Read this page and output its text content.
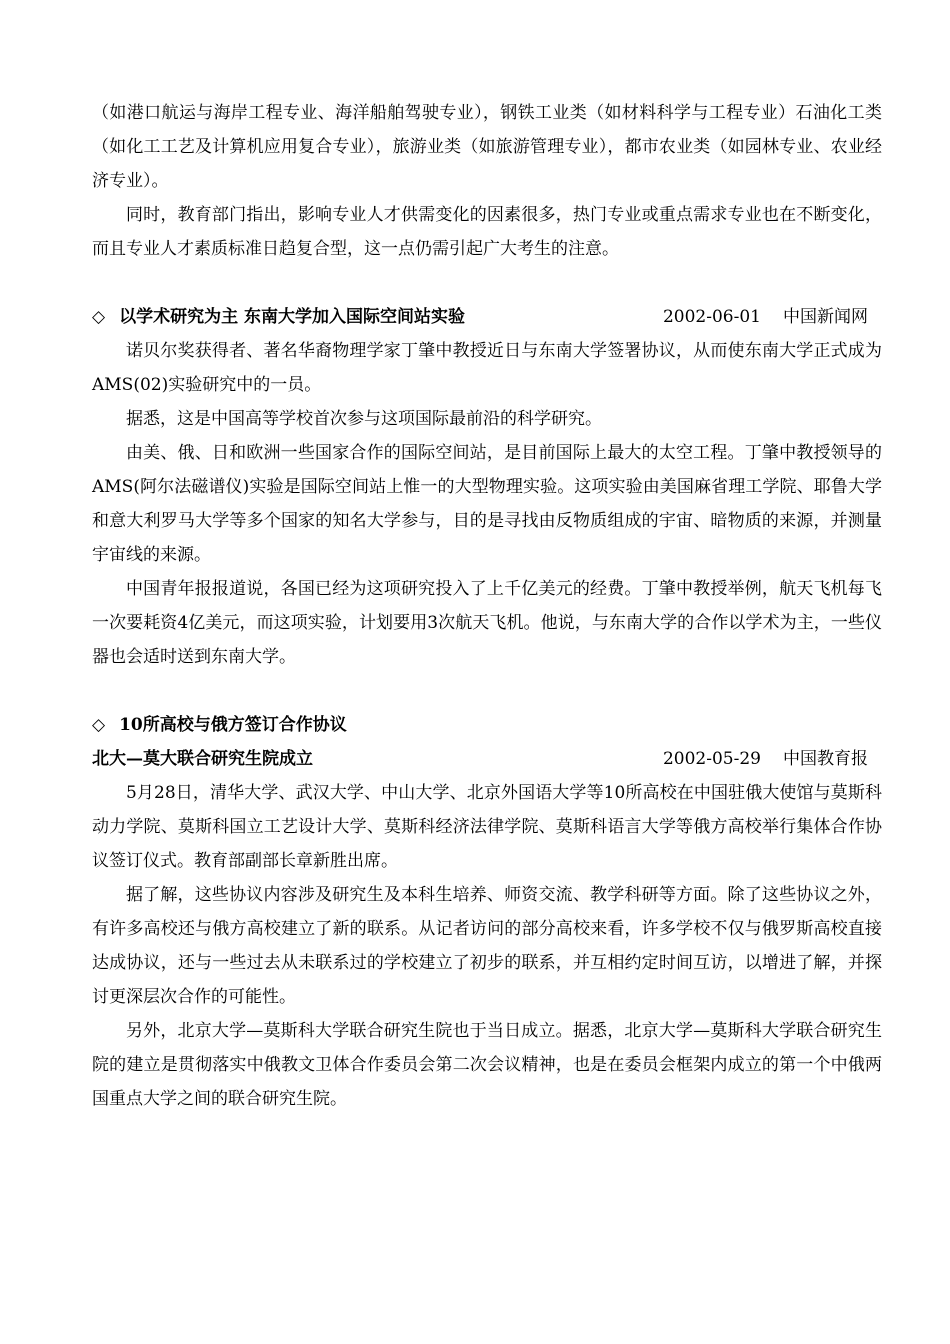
（如港口航运与海岸工程专业、海洋船舶驾驶专业），钢铁工业类（如材料科学与工程专业）石油化工类（如化工工艺及计算机应用复合专业），旅游业类（如旅游管理专业），都市农业类（如园林专业、农业经济专业）。

同时，教育部门指出，影响专业人才供需变化的因素很多，热门专业或重点需求专业也在不断变化，而且专业人才素质标准日趋复合型，这一点仍需引起广大考生的注意。

◇ 以学术研究为主 东南大学加入国际空间站实验	2002-06-01 中国新闻网

诺贝尔奖获得者、著名华裔物理学家丁肇中教授近日与东南大学签署协议，从而使东南大学正式成为AMS(02)实验研究中的一员。

据悉，这是中国高等学校首次参与这项国际最前沿的科学研究。

由美、俄、日和欧洲一些国家合作的国际空间站，是目前国际上最大的太空工程。丁肇中教授领导的AMS(阿尔法磁谱仪)实验是国际空间站上惟一的大型物理实验。这项实验由美国麻省理工学院、耶鲁大学和意大利罗马大学等多个国家的知名大学参与，目的是寻找由反物质组成的宇宙、暗物质的来源，并测量宇宙线的来源。

中国青年报报道说，各国已经为这项研究投入了上千亿美元的经费。丁肇中教授举例，航天飞机每飞一次要耗资4亿美元，而这项实验，计划要用3次航天飞机。他说，与东南大学的合作以学术为主，一些仪器也会适时送到东南大学。

◇ 10所高校与俄方签订合作协议
北大—莫大联合研究生院成立	2002-05-29 中国教育报

5月28日，清华大学、武汉大学、中山大学、北京外国语大学等10所高校在中国驻俄大使馆与莫斯科动力学院、莫斯科国立工艺设计大学、莫斯科经济法律学院、莫斯科语言大学等俄方高校举行集体合作协议签订仪式。教育部副部长章新胜出席。

据了解，这些协议内容涉及研究生及本科生培养、师资交流、教学科研等方面。除了这些协议之外，有许多高校还与俄方高校建立了新的联系。从记者访问的部分高校来看，许多学校不仅与俄罗斯高校直接达成协议，还与一些过去从未联系过的学校建立了初步的联系，并互相约定时间互访，以增进了解，并探讨更深层次合作的可能性。

另外，北京大学—莫斯科大学联合研究生院也于当日成立。据悉，北京大学—莫斯科大学联合研究生院的建立是贯彻落实中俄教文卫体合作委员会第二次会议精神，也是在委员会框架内成立的第一个中俄两国重点大学之间的联合研究生院。
